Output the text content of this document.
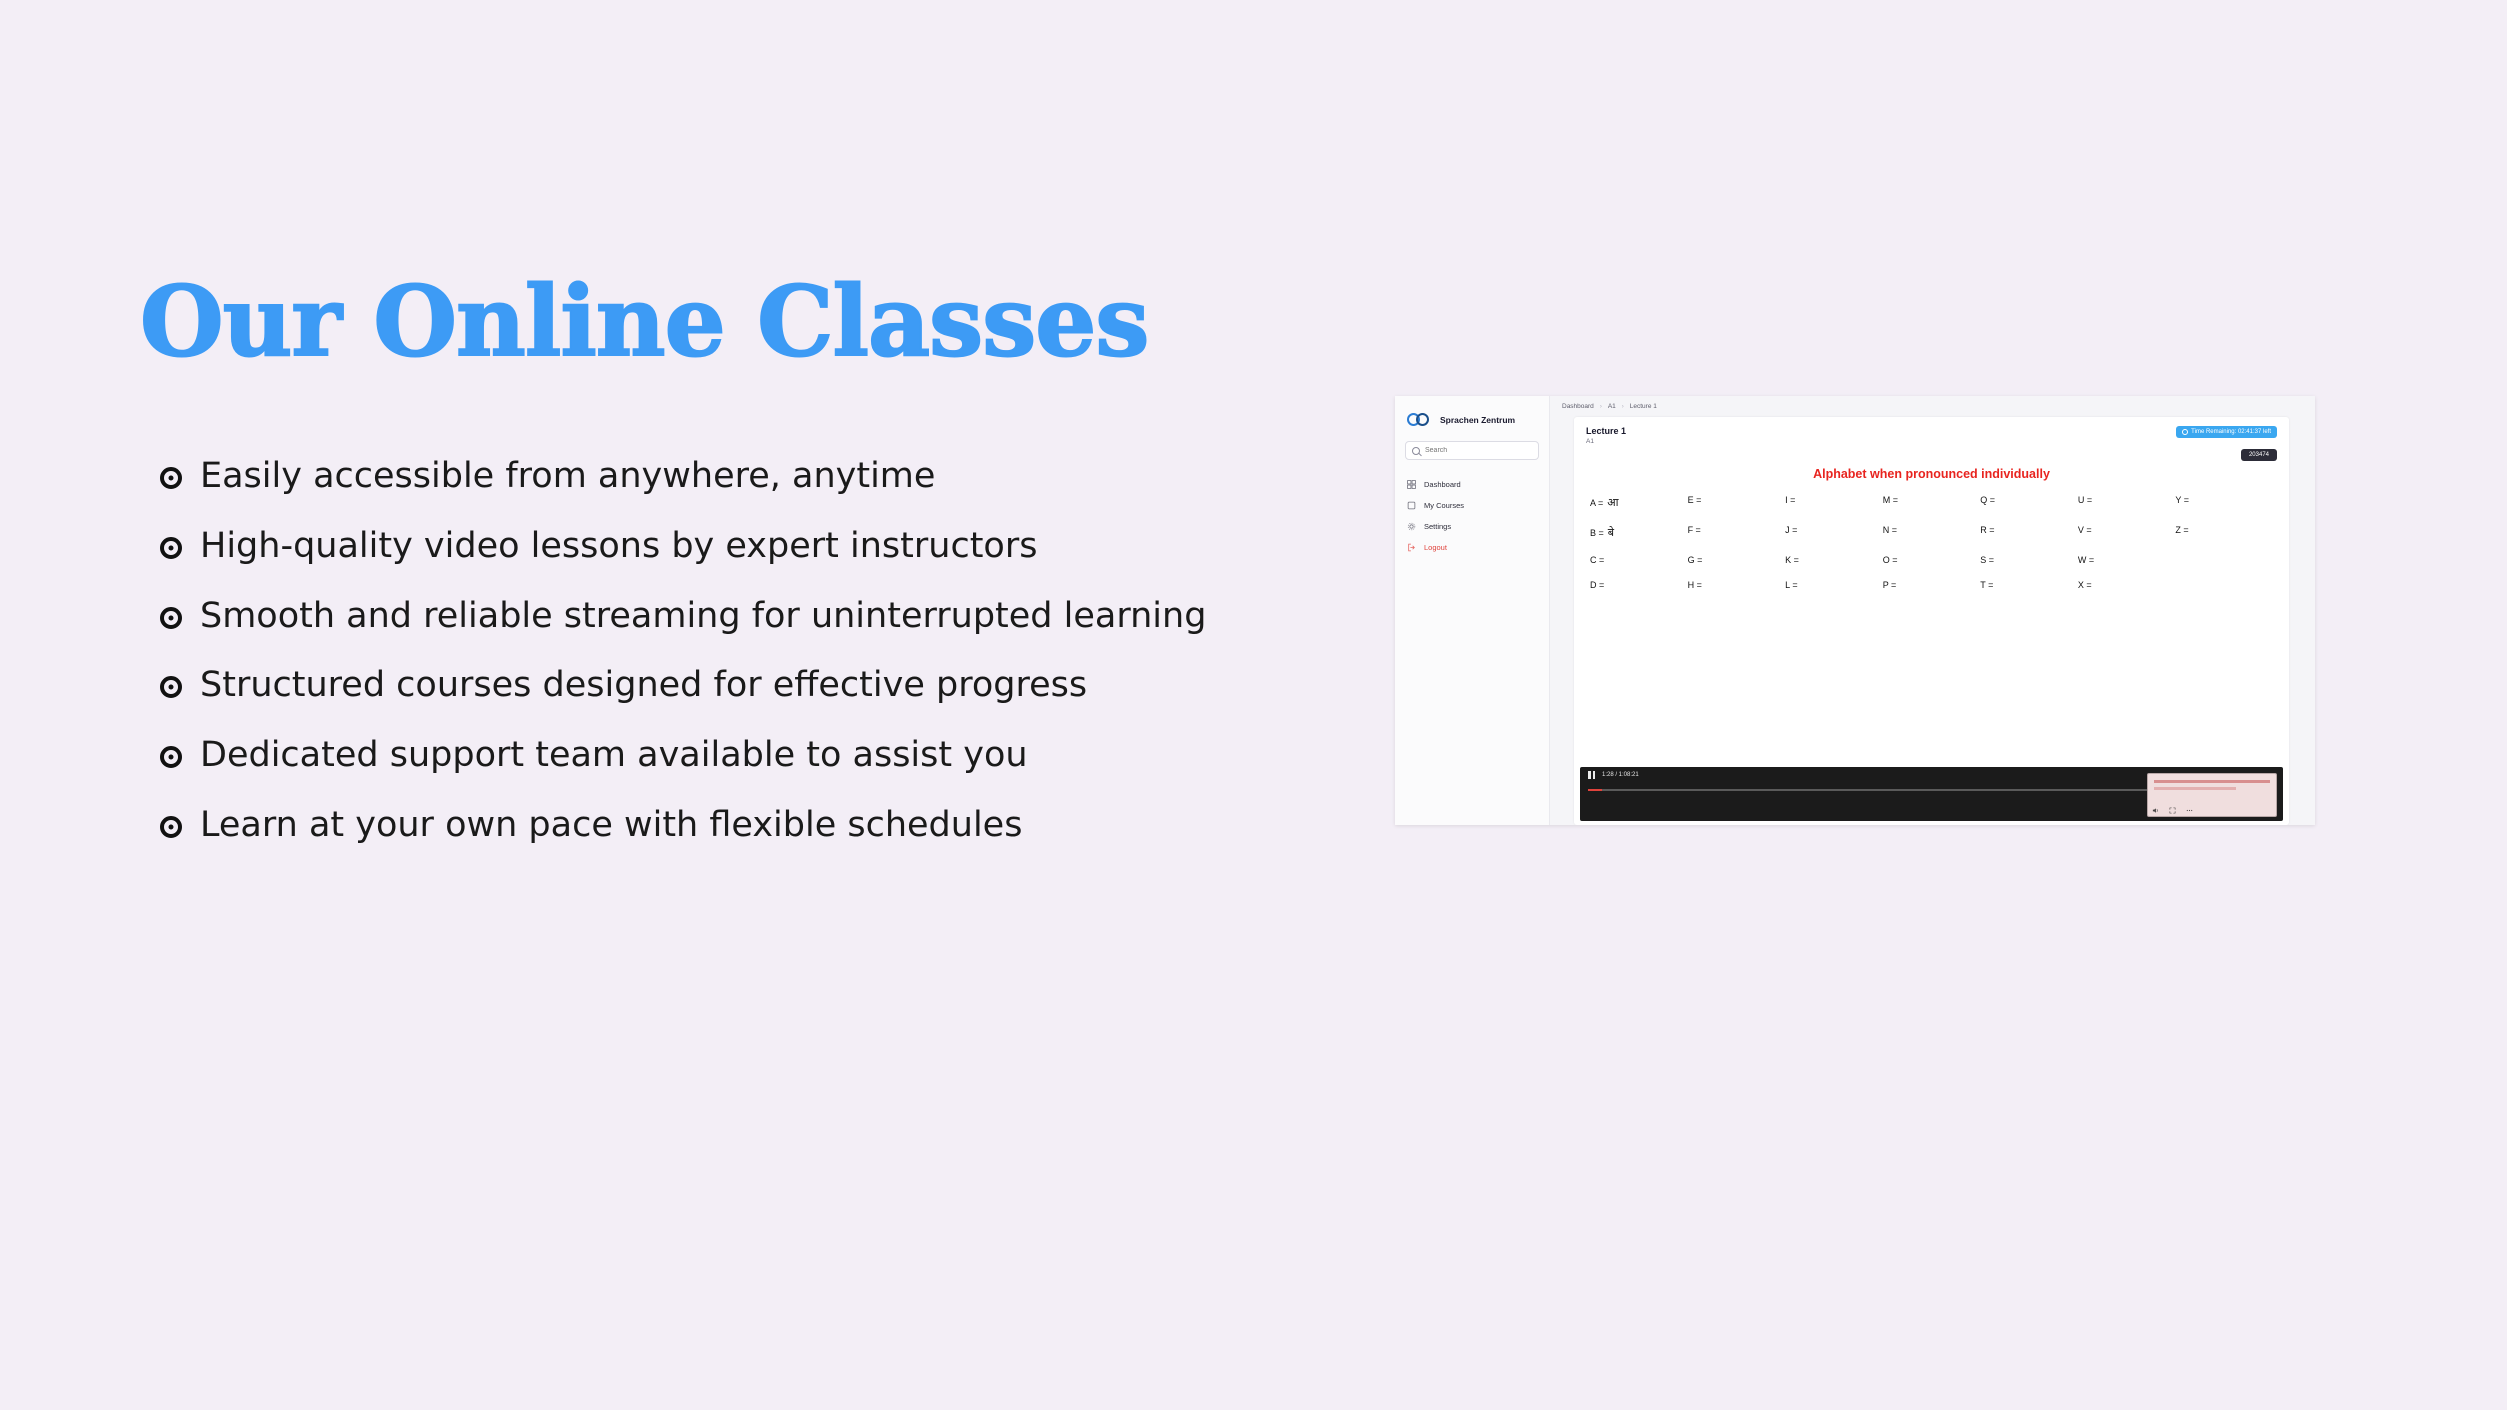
Our Online Classes
Easily accessible from anywhere, anytime
High-quality video lessons by expert instructors
Smooth and reliable streaming for uninterrupted learning
Structured courses designed for effective progress
Dedicated support team available to assist you
Learn at your own pace with flexible schedules
Sprachen Zentrum
Search
Dashboard
My Courses
Settings
Logout
Dashboard › A1 › Lecture 1
Lecture 1
A1
Time Remaining: 02:41:37 left
203474
Alphabet when pronounced individually
A = आ	E =	I =	M =	Q =	U =	Y =
B = बे	F =	J =	N =	R =	V =	Z =
C =	G =	K =	O =	S =	W =
D =	H =	L =	P =	T =	X =
1:28 / 1:08:21
